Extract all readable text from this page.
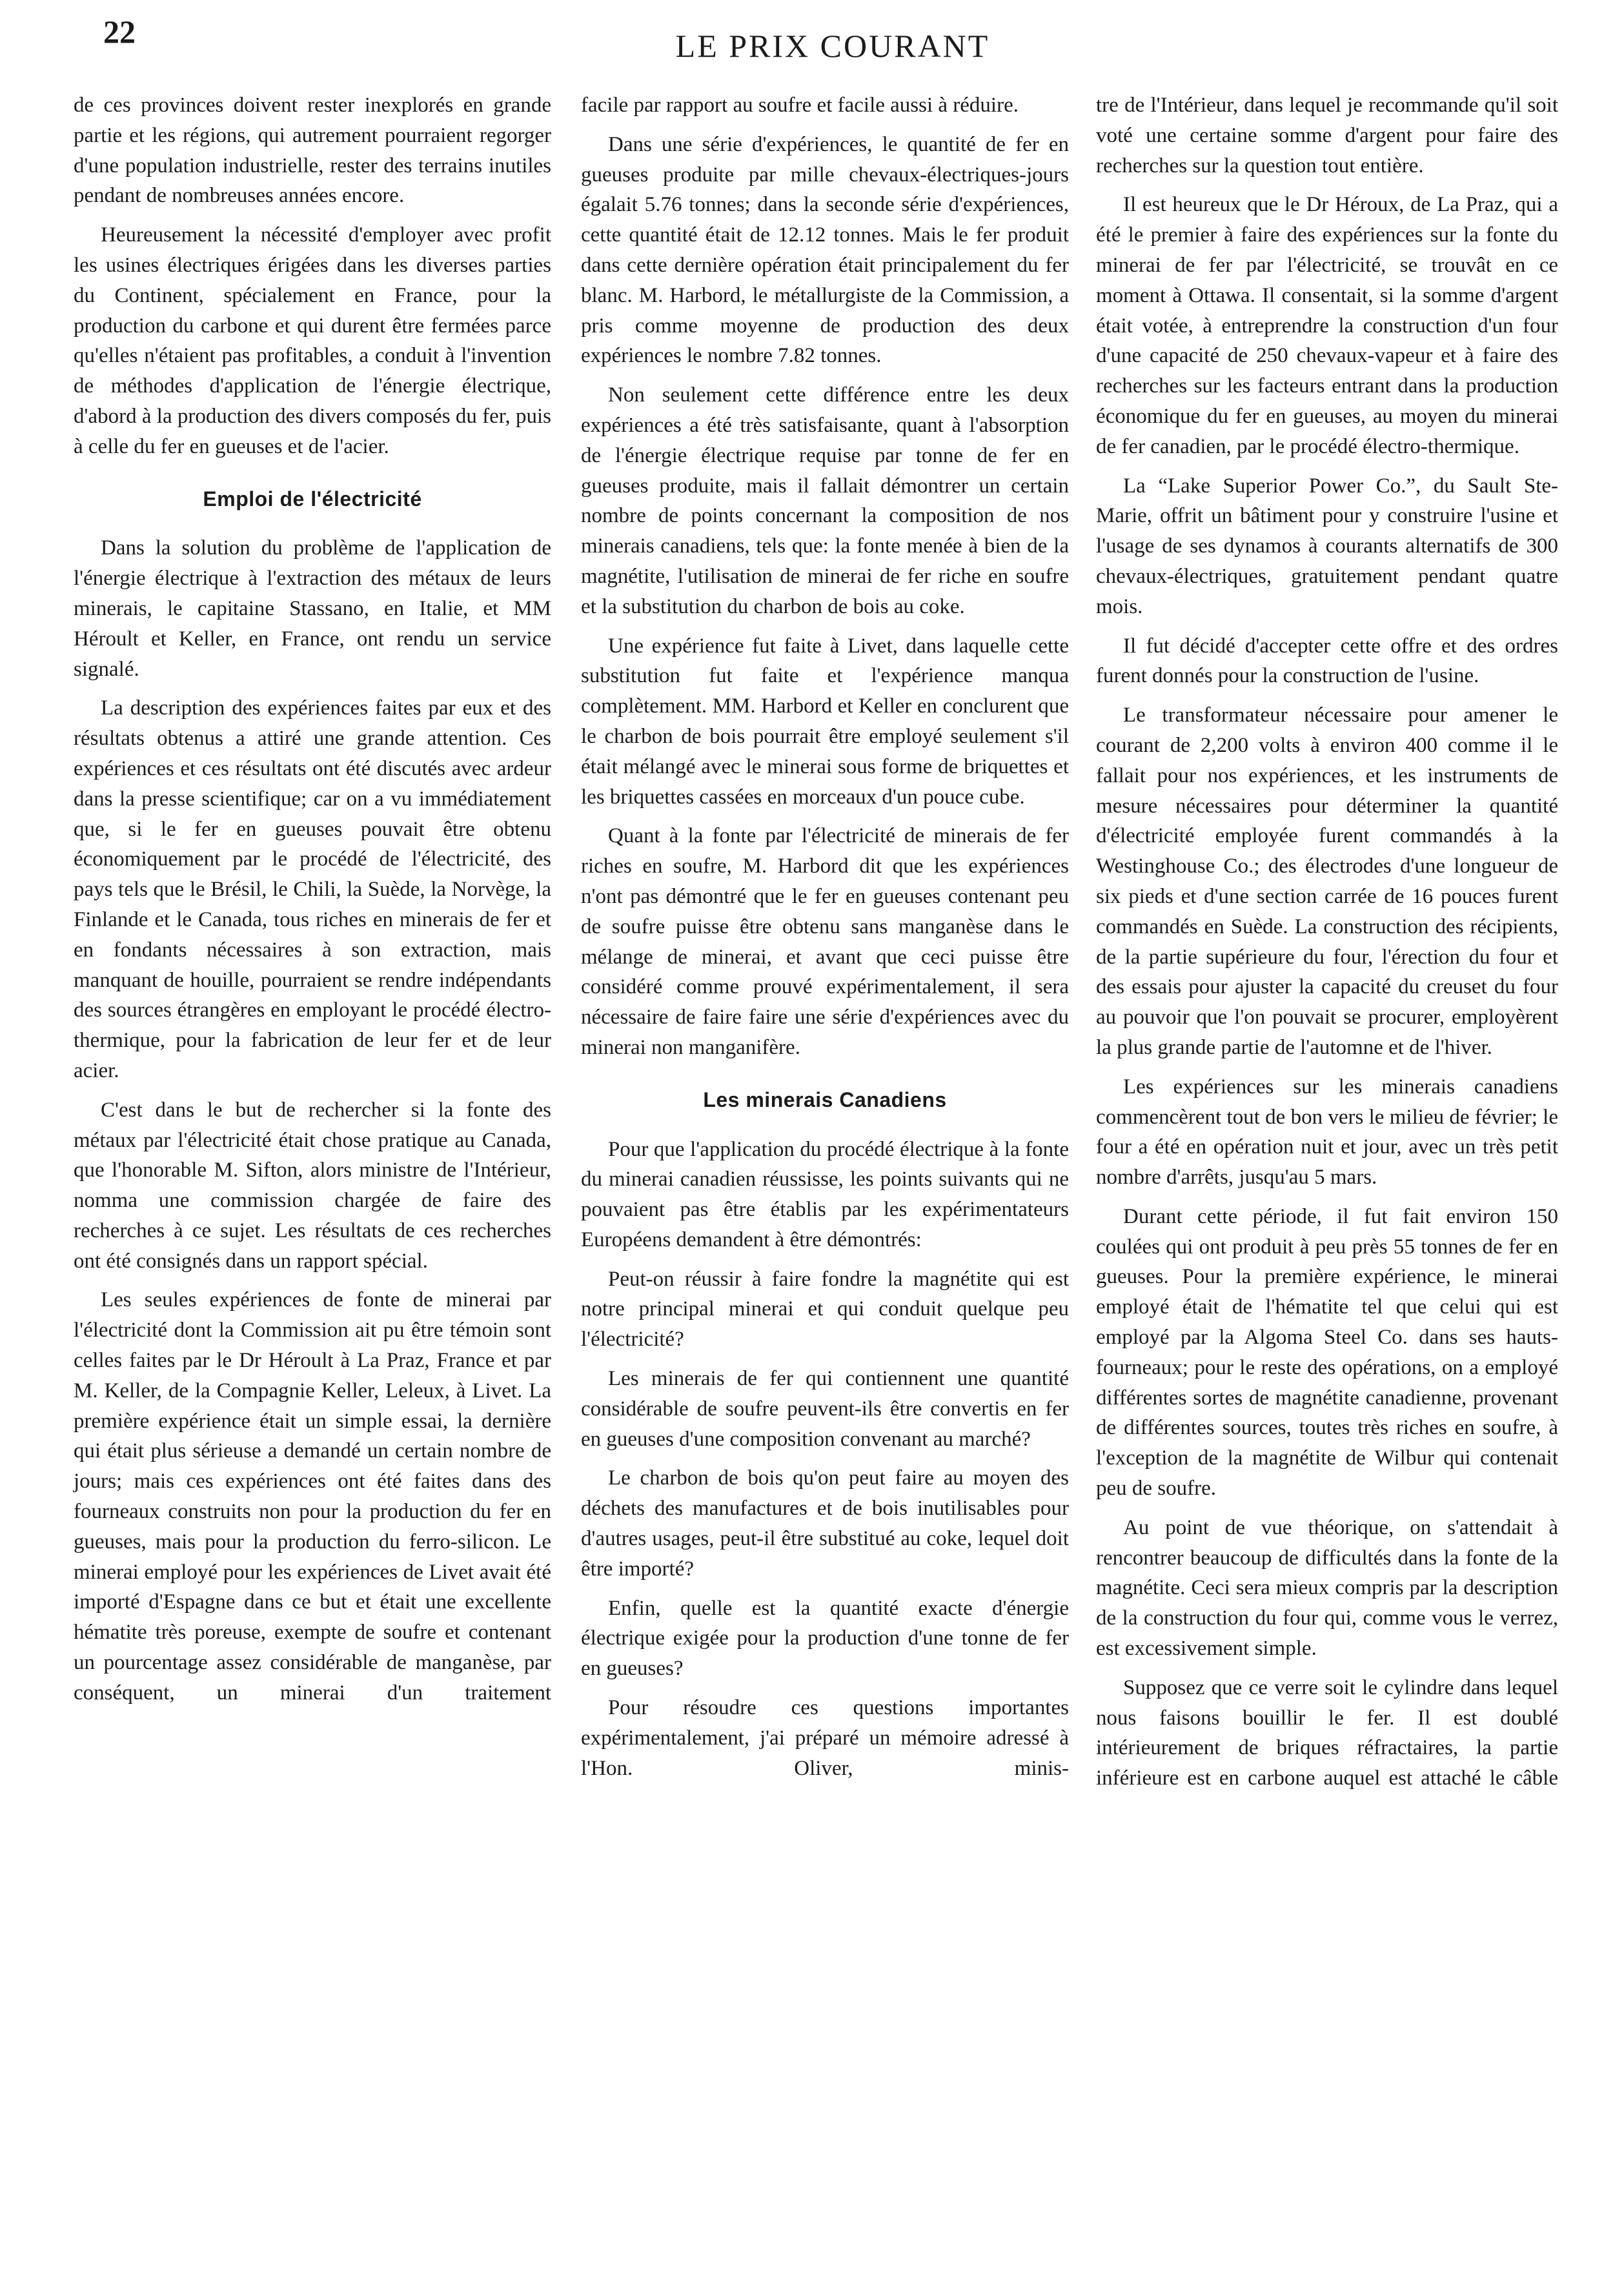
22	LE PRIX COURANT

de ces provinces doivent rester inexplorés en grande partie et les régions, qui autrement pourraient regorger d'une population industrielle, rester des terrains inutiles pendant de nombreuses années encore.

Heureusement la nécessité d'employer avec profit les usines électriques érigées dans les diverses parties du Continent, spécialement en France, pour la production du carbone et qui durent être fermées parce qu'elles n'étaient pas profitables, a conduit à l'invention de méthodes d'application de l'énergie électrique, d'abord à la production des divers composés du fer, puis à celle du fer en gueuses et de l'acier.

Emploi de l'électricité

Dans la solution du problème de l'application de l'énergie électrique à l'extraction des métaux de leurs minerais, le capitaine Stassano, en Italie, et MM Héroult et Keller, en France, ont rendu un service signalé.

La description des expériences faites par eux et des résultats obtenus a attiré une grande attention. Ces expériences et ces résultats ont été discutés avec ardeur dans la presse scientifique; car on a vu immédiatement que, si le fer en gueuses pouvait être obtenu économiquement par le procédé de l'électricité, des pays tels que le Brésil, le Chili, la Suède, la Norvège, la Finlande et le Canada, tous riches en minerais de fer et en fondants nécessaires à son extraction, mais manquant de houille, pourraient se rendre indépendants des sources étrangères en employant le procédé électro-thermique, pour la fabrication de leur fer et de leur acier.

C'est dans le but de rechercher si la fonte des métaux par l'électricité était chose pratique au Canada, que l'honorable M. Sifton, alors ministre de l'Intérieur, nomma une commission chargée de faire des recherches à ce sujet. Les résultats de ces recherches ont été consignés dans un rapport spécial.

Les seules expériences de fonte de minerai par l'électricité dont la Commission ait pu être témoin sont celles faites par le Dr Héroult à La Praz, France et par M. Keller, de la Compagnie Keller, Leleux, à Livet. La première expérience était un simple essai, la dernière qui était plus sérieuse a demandé un certain nombre de jours; mais ces expériences ont été faites dans des fourneaux construits non pour la production du fer en gueuses, mais pour la production du ferro-silicon. Le minerai employé pour les expériences de Livet avait été importé d'Espagne dans ce but et était une excellente hématite très poreuse, exempte de soufre et contenant un pourcentage assez considérable de manganèse, par conséquent, un minerai d'un traitement

facile par rapport au soufre et facile aussi à réduire.

Dans une série d'expériences, le quantité de fer en gueuses produite par mille chevaux-électriques-jours égalait 5.76 tonnes; dans la seconde série d'expériences, cette quantité était de 12.12 tonnes. Mais le fer produit dans cette dernière opération était principalement du fer blanc. M. Harbord, le métallurgiste de la Commission, a pris comme moyenne de production des deux expériences le nombre 7.82 tonnes.

Non seulement cette différence entre les deux expériences a été très satisfaisante, quant à l'absorption de l'énergie électrique requise par tonne de fer en gueuses produite, mais il fallait démontrer un certain nombre de points concernant la composition de nos minerais canadiens, tels que: la fonte menée à bien de la magnétite, l'utilisation de minerai de fer riche en soufre et la substitution du charbon de bois au coke.

Une expérience fut faite à Livet, dans laquelle cette substitution fut faite et l'expérience manqua complètement. MM. Harbord et Keller en conclurent que le charbon de bois pourrait être employé seulement s'il était mélangé avec le minerai sous forme de briquettes et les briquettes cassées en morceaux d'un pouce cube.

Quant à la fonte par l'électricité de minerais de fer riches en soufre, M. Harbord dit que les expériences n'ont pas démontré que le fer en gueuses contenant peu de soufre puisse être obtenu sans manganèse dans le mélange de minerai, et avant que ceci puisse être considéré comme prouvé expérimentalement, il sera nécessaire de faire faire une série d'expériences avec du minerai non manganifère.

Les minerais Canadiens

Pour que l'application du procédé électrique à la fonte du minerai canadien réussisse, les points suivants qui ne pouvaient pas être établis par les expérimentateurs Européens demandent à être démontrés:

Peut-on réussir à faire fondre la magnétite qui est notre principal minerai et qui conduit quelque peu l'électricité?

Les minerais de fer qui contiennent une quantité considérable de soufre peuvent-ils être convertis en fer en gueuses d'une composition convenant au marché?

Le charbon de bois qu'on peut faire au moyen des déchets des manufactures et de bois inutilisables pour d'autres usages, peut-il être substitué au coke, lequel doit être importé?

Enfin, quelle est la quantité exacte d'énergie électrique exigée pour la production d'une tonne de fer en gueuses?

Pour résoudre ces questions importantes expérimentalement, j'ai préparé un mémoire adressé à l'Hon. Oliver, minis-

tre de l'Intérieur, dans lequel je recommande qu'il soit voté une certaine somme d'argent pour faire des recherches sur la question tout entière.

Il est heureux que le Dr Héroux, de La Praz, qui a été le premier à faire des expériences sur la fonte du minerai de fer par l'électricité, se trouvât en ce moment à Ottawa. Il consentait, si la somme d'argent était votée, à entreprendre la construction d'un four d'une capacité de 250 chevaux-vapeur et à faire des recherches sur les facteurs entrant dans la production économique du fer en gueuses, au moyen du minerai de fer canadien, par le procédé électro-thermique.

La “Lake Superior Power Co.”, du Sault Ste-Marie, offrit un bâtiment pour y construire l'usine et l'usage de ses dynamos à courants alternatifs de 300 chevaux-électriques, gratuitement pendant quatre mois.

Il fut décidé d'accepter cette offre et des ordres furent donnés pour la construction de l'usine.

Le transformateur nécessaire pour amener le courant de 2,200 volts à environ 400 comme il le fallait pour nos expériences, et les instruments de mesure nécessaires pour déterminer la quantité d'électricité employée furent commandés à la Westinghouse Co.; des électrodes d'une longueur de six pieds et d'une section carrée de 16 pouces furent commandés en Suède. La construction des récipients, de la partie supérieure du four, l'érection du four et des essais pour ajuster la capacité du creuset du four au pouvoir que l'on pouvait se procurer, employèrent la plus grande partie de l'automne et de l'hiver.

Les expériences sur les minerais canadiens commencèrent tout de bon vers le milieu de février; le four a été en opération nuit et jour, avec un très petit nombre d'arrêts, jusqu'au 5 mars.

Durant cette période, il fut fait environ 150 coulées qui ont produit à peu près 55 tonnes de fer en gueuses. Pour la première expérience, le minerai employé était de l'hématite tel que celui qui est employé par la Algoma Steel Co. dans ses hauts-fourneaux; pour le reste des opérations, on a employé différentes sortes de magnétite canadienne, provenant de différentes sources, toutes très riches en soufre, à l'exception de la magnétite de Wilbur qui contenait peu de soufre.

Au point de vue théorique, on s'attendait à rencontrer beaucoup de difficultés dans la fonte de la magnétite. Ceci sera mieux compris par la description de la construction du four qui, comme vous le verrez, est excessivement simple.

Supposez que ce verre soit le cylindre dans lequel nous faisons bouillir le fer. Il est doublé intérieurement de briques réfractaires, la partie inférieure est en carbone auquel est attaché le câble
